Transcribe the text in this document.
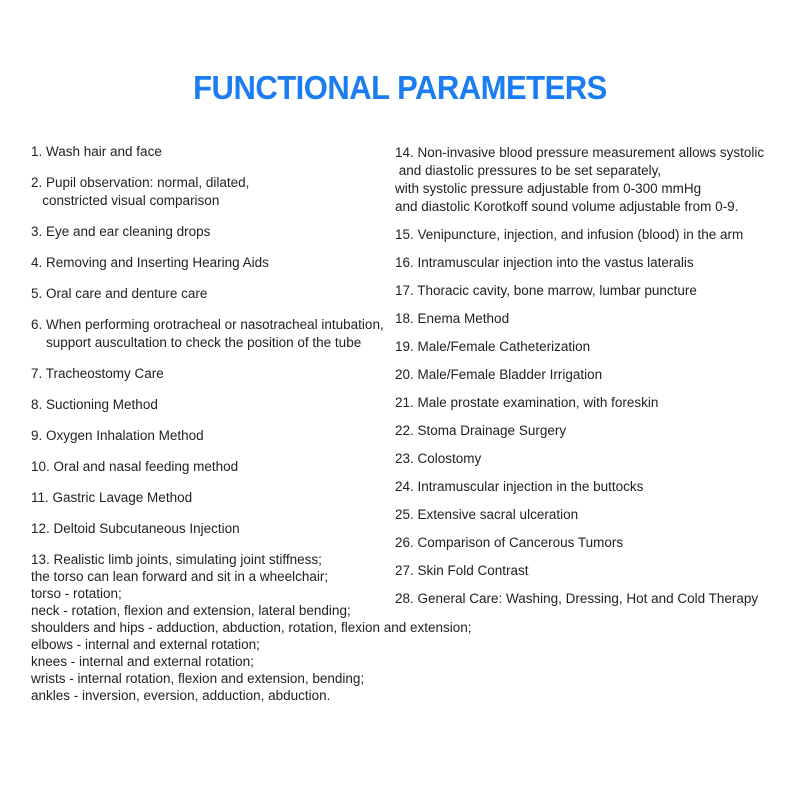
FUNCTIONAL PARAMETERS
1. Wash hair and face
2. Pupil observation: normal, dilated,
constricted visual comparison
3. Eye and ear cleaning drops
4. Removing and Inserting Hearing Aids
5. Oral care and denture care
6. When performing orotracheal or nasotracheal intubation,
support auscultation to check the position of the tube
7. Tracheostomy Care
8. Suctioning Method
9. Oxygen Inhalation Method
10. Oral and nasal feeding method
11. Gastric Lavage Method
12. Deltoid Subcutaneous Injection
13. Realistic limb joints, simulating joint stiffness;
the torso can lean forward and sit in a wheelchair;
torso - rotation;
neck - rotation, flexion and extension, lateral bending;
shoulders and hips - adduction, abduction, rotation, flexion and extension;
elbows - internal and external rotation;
knees - internal and external rotation;
wrists - internal rotation, flexion and extension, bending;
ankles - inversion, eversion, adduction, abduction.
14. Non-invasive blood pressure measurement allows systolic
and diastolic pressures to be set separately,
with systolic pressure adjustable from 0-300 mmHg
and diastolic Korotkoff sound volume adjustable from 0-9.
15. Venipuncture, injection, and infusion (blood) in the arm
16. Intramuscular injection into the vastus lateralis
17. Thoracic cavity, bone marrow, lumbar puncture
18. Enema Method
19. Male/Female Catheterization
20. Male/Female Bladder Irrigation
21. Male prostate examination, with foreskin
22. Stoma Drainage Surgery
23. Colostomy
24. Intramuscular injection in the buttocks
25. Extensive sacral ulceration
26. Comparison of Cancerous Tumors
27. Skin Fold Contrast
28. General Care: Washing, Dressing, Hot and Cold Therapy
